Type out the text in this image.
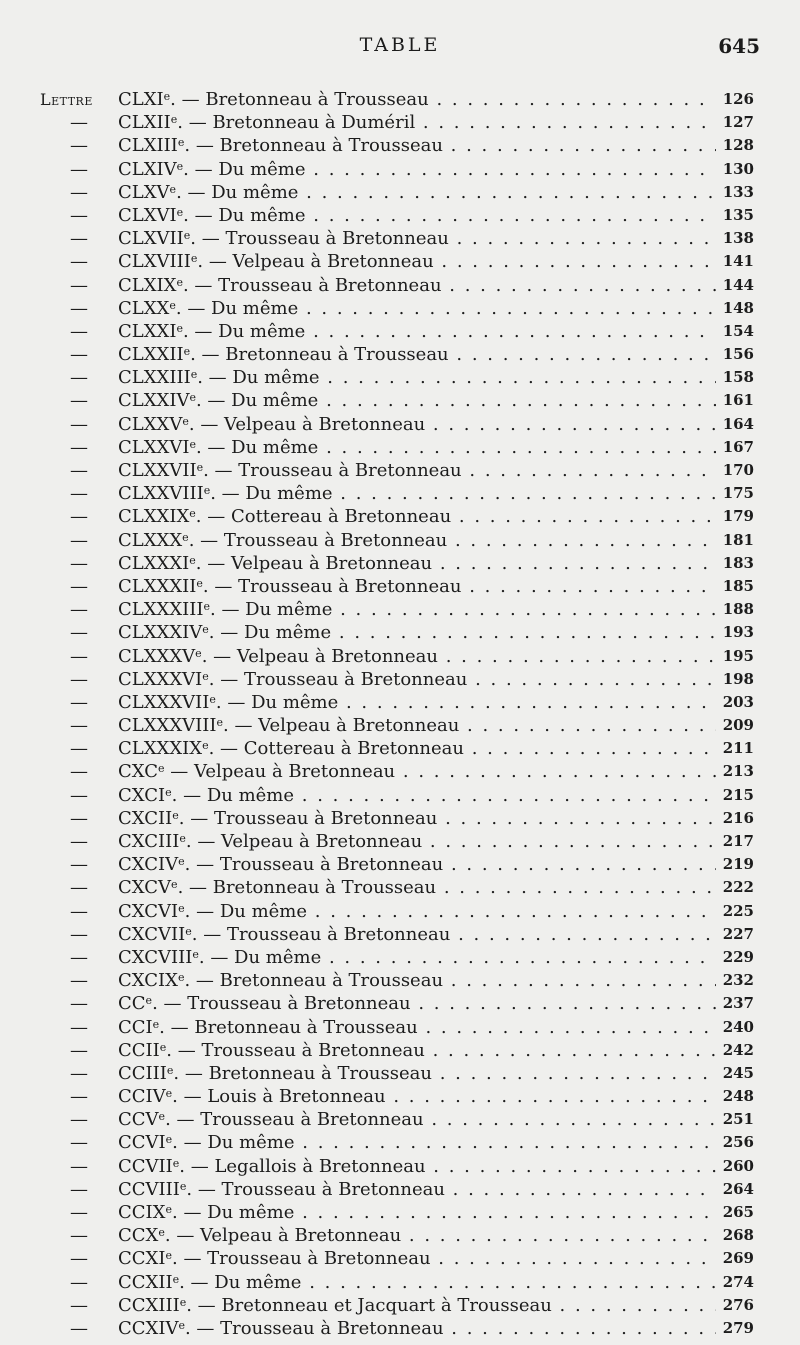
TABLE	645
Lettre	CLXIe. — Bretonneau à Trousseau . . .	126
—	CLXIIe. — Bretonneau à Duméril . . .	127
—	CLXIIIe. — Bretonneau à Trousseau . . .	128
—	CLXIVe. — Du même . . .	130
—	CLXVe. — Du même . . .	133
—	CLXVIe. — Du même . . .	135
—	CLXVIIe. — Trousseau à Bretonneau . . .	138
—	CLXVIIIe. — Velpeau à Bretonneau . . .	141
—	CLXIXe. — Trousseau à Bretonneau . . .	144
—	CLXXe. — Du même . . .	148
—	CLXXIe. — Du même . . .	154
—	CLXXIIe. — Bretonneau à Trousseau . . .	156
—	CLXXIIIe. — Du même . . .	158
—	CLXXIVe. — Du même . . .	161
—	CLXXVe. — Velpeau à Bretonneau . . .	164
—	CLXXVIe. — Du même . . .	167
—	CLXXVIIe. — Trousseau à Bretonneau . . .	170
—	CLXXVIIIe. — Du même . . .	175
—	CLXXIXe. — Cottereau à Bretonneau . . .	179
—	CLXXXe. — Trousseau à Bretonneau . . .	181
—	CLXXXIe. — Velpeau à Bretonneau . . .	183
—	CLXXXIIe. — Trousseau à Bretonneau . . .	185
—	CLXXXIIIe. — Du même . . .	188
—	CLXXXIVe. — Du même . . .	193
—	CLXXXVe. — Velpeau à Bretonneau . . .	195
—	CLXXXVIe. — Trousseau à Bretonneau . . .	198
—	CLXXXVIIe. — Du même . . .	203
—	CLXXXVIIIe. — Velpeau à Bretonneau . . .	209
—	CLXXXIXe. — Cottereau à Bretonneau . . .	211
—	CXCe — Velpeau à Bretonneau . . .	213
—	CXCIe. — Du même . . .	215
—	CXCIIe. — Trousseau à Bretonneau . . .	216
—	CXCIIIe. — Velpeau à Bretonneau . . .	217
—	CXCIVe. — Trousseau à Bretonneau . . .	219
—	CXCVe. — Bretonneau à Trousseau . . .	222
—	CXCVIe. — Du même . . .	225
—	CXCVIIe. — Trousseau à Bretonneau . . .	227
—	CXCVIIIe. — Du même . . .	229
—	CXCIXe. — Bretonneau à Trousseau . . .	232
—	CCe. — Trousseau à Bretonneau . . .	237
—	CCIe. — Bretonneau à Trousseau . . .	240
—	CCIIe. — Trousseau à Bretonneau . . .	242
—	CCIIIe. — Bretonneau à Trousseau . . .	245
—	CCIVe. — Louis à Bretonneau . . .	248
—	CCVe. — Trousseau à Bretonneau . . .	251
—	CCVIe. — Du même . . .	256
—	CCVIIe. — Legallois à Bretonneau . . .	260
—	CCVIIIe. — Trousseau à Bretonneau . . .	264
—	CCIXe. — Du même . . .	265
—	CCXe. — Velpeau à Bretonneau . . .	268
—	CCXIe. — Trousseau à Bretonneau . . .	269
—	CCXIIe. — Du même . . .	274
—	CCXIIIe. — Bretonneau et Jacquart à Trousseau . . .	276
—	CCXIVe. — Trousseau à Bretonneau . . .	279
